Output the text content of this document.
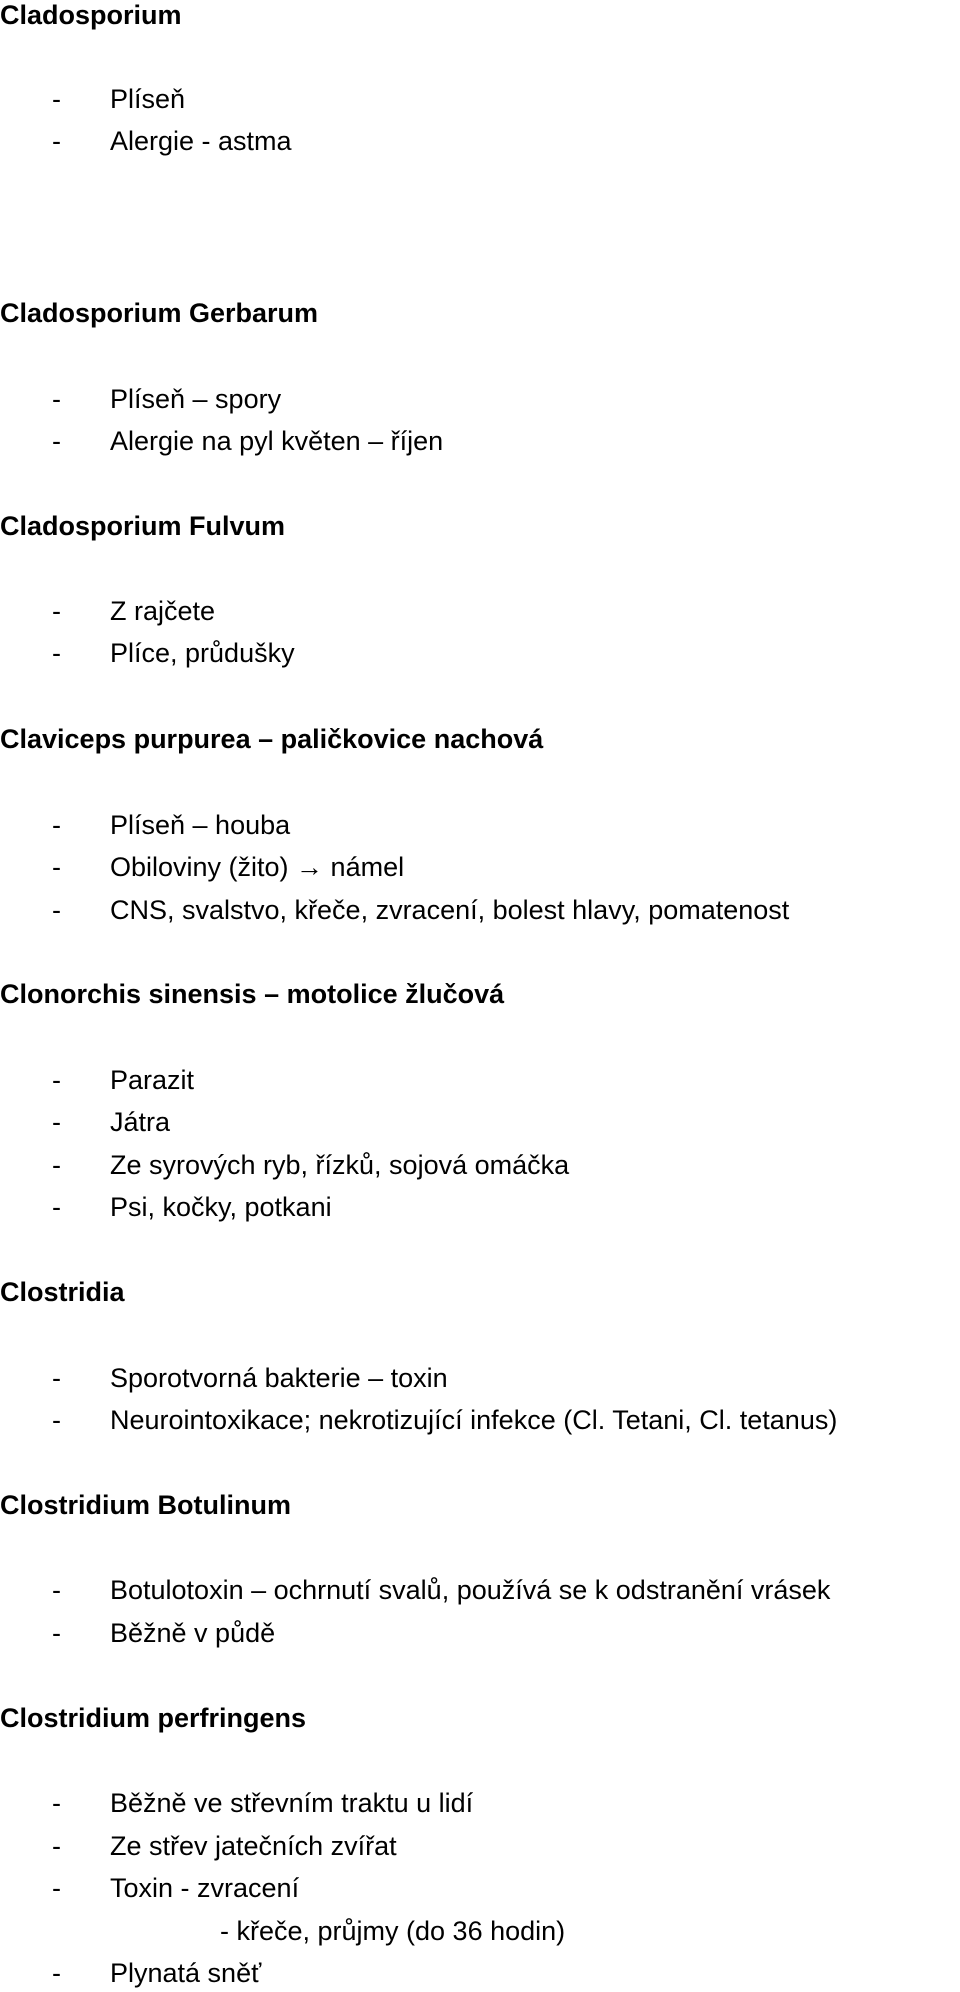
Cladosporium
- Plíseň
- Alergie - astma
Cladosporium Gerbarum
- Plíseň – spory
- Alergie na pyl květen – říjen
Cladosporium Fulvum
- Z rajčete
- Plíce, průdušky
Claviceps purpurea – paličkovice nachová
- Plíseň – houba
- Obiloviny (žito) → námel
- CNS, svalstvo, křeče, zvracení, bolest hlavy, pomatenost
Clonorchis sinensis – motolice žlučová
- Parazit
- Játra
- Ze syrových ryb, řízků, sojová omáčka
- Psi, kočky, potkani
Clostridia
- Sporotvorná bakterie – toxin
- Neurointoxikace; nekrotizující infekce (Cl. Tetani, Cl. tetanus)
Clostridium Botulinum
- Botulotoxin – ochrnutí svalů, používá se k odstranění vrásek
- Běžně v půdě
Clostridium perfringens
- Běžně ve střevním traktu u lidí
- Ze střev jatečních zvířat
- Toxin - zvracení
- křeče, průjmy (do 36 hodin)
- Plynatá sněť
